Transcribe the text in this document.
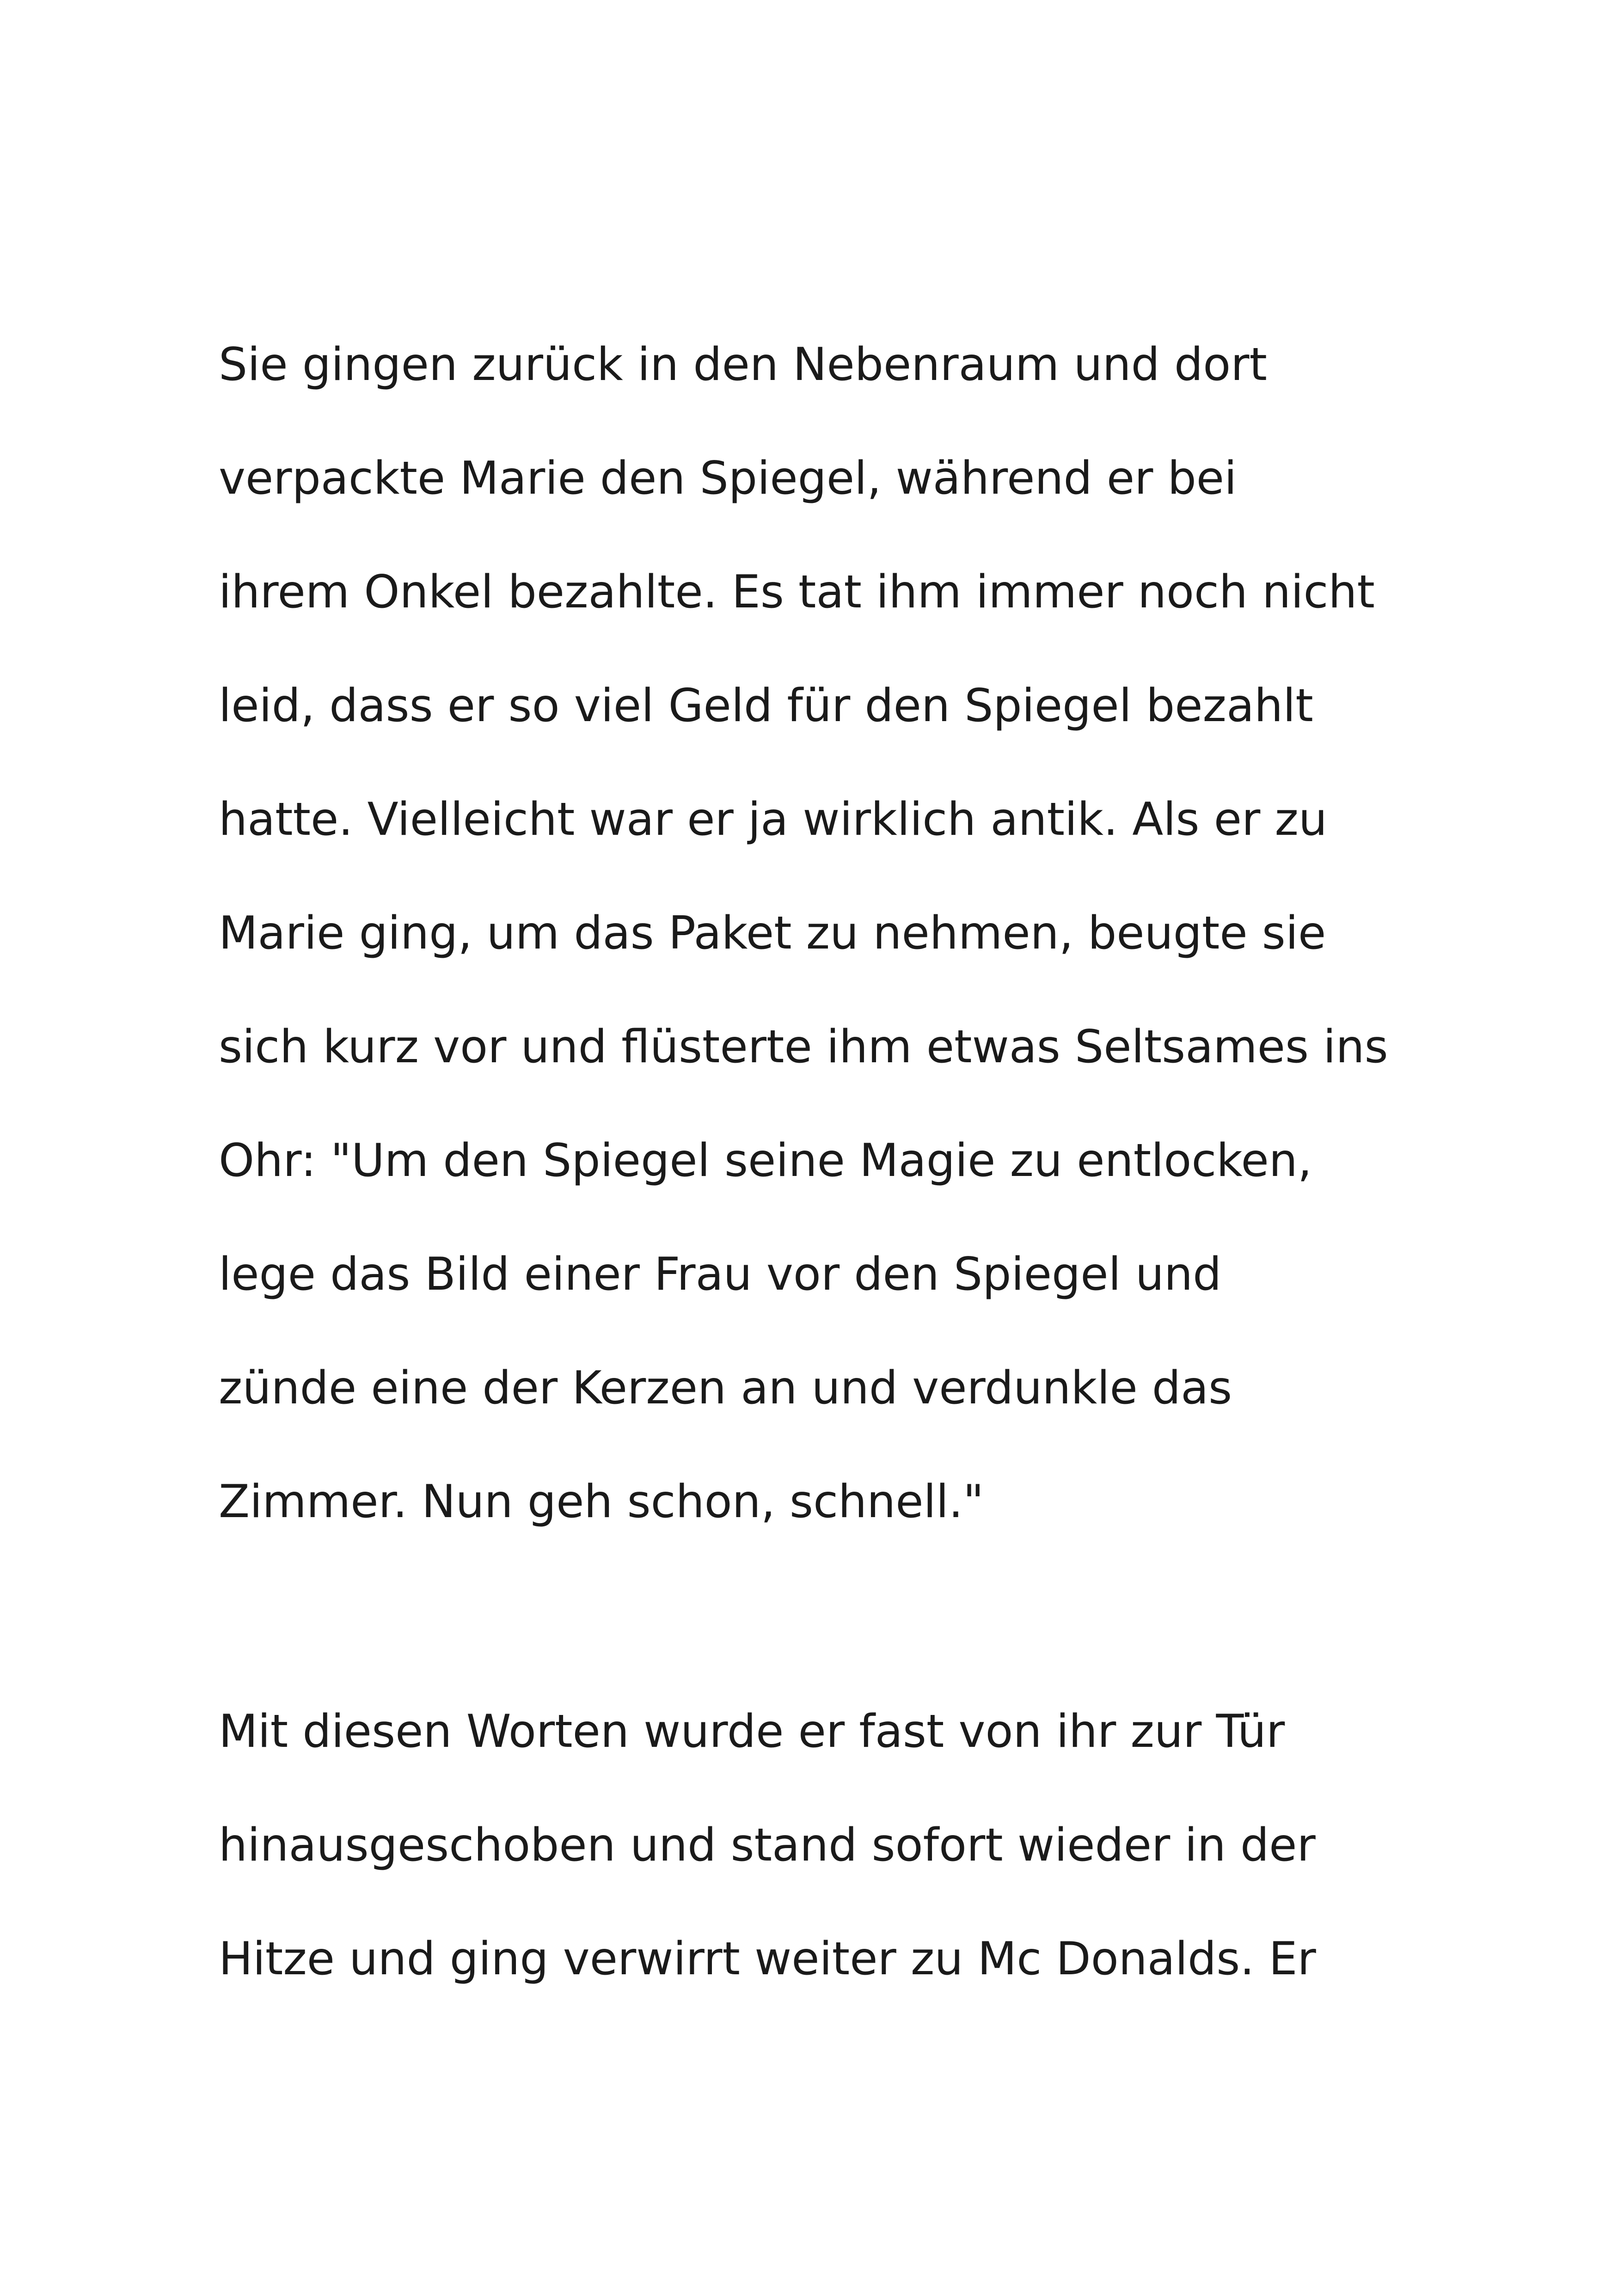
Sie gingen zurück in den Nebenraum und dort
verpackte Marie den Spiegel, während er bei
ihrem Onkel bezahlte. Es tat ihm immer noch nicht
leid, dass er so viel Geld für den Spiegel bezahlt
hatte. Vielleicht war er ja wirklich antik. Als er zu
Marie ging, um das Paket zu nehmen, beugte sie
sich kurz vor und flüsterte ihm etwas Seltsames ins
Ohr: "Um den Spiegel seine Magie zu entlocken,
lege das Bild einer Frau vor den Spiegel und
zünde eine der Kerzen an und verdunkle das
Zimmer. Nun geh schon, schnell."
Mit diesen Worten wurde er fast von ihr zur Tür
hinausgeschoben und stand sofort wieder in der
Hitze und ging verwirrt weiter zu Mc Donalds. Er
